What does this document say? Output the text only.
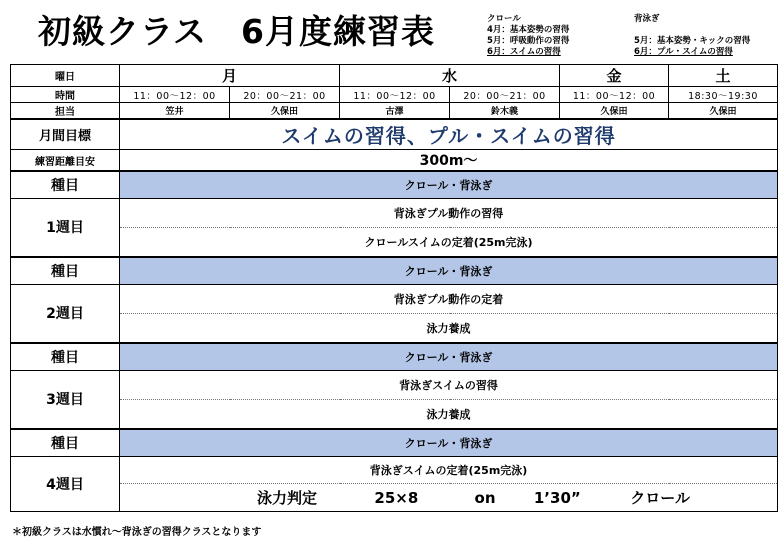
初級クラス　6月度練習表	クロール
4月：基本姿勢の習得
5月：呼吸動作の習得
6月：スイムの習得
背泳ぎ

5月：基本姿勢・キックの習得
6月：プル・スイムの習得
曜日	月		水		金	土
時間	11：00〜12：00	20：00〜21：00	11：00〜12：00	20：00〜21：00	11：00〜12：00	18:30〜19:30
担当	笠井	久保田	古澤	鈴木義	久保田	久保田
月間目標	スイムの習得、プル・スイムの習得					
練習距離目安	300m〜					
種目	クロール・背泳ぎ					
1週目	背泳ぎプル動作の習得					
	クロールスイムの定着(25m完泳)					
種目	クロール・背泳ぎ					
2週目	背泳ぎプル動作の定着					
	泳力養成					
種目	クロール・背泳ぎ					
3週目	背泳ぎスイムの習得					
	泳力養成					
種目	クロール・背泳ぎ					
4週目	背泳ぎスイムの定着(25m完泳)					
	泳力判定 25×8 on 1’30” クロール					
＊初級クラスは水慣れ〜背泳ぎの習得クラスとなります
